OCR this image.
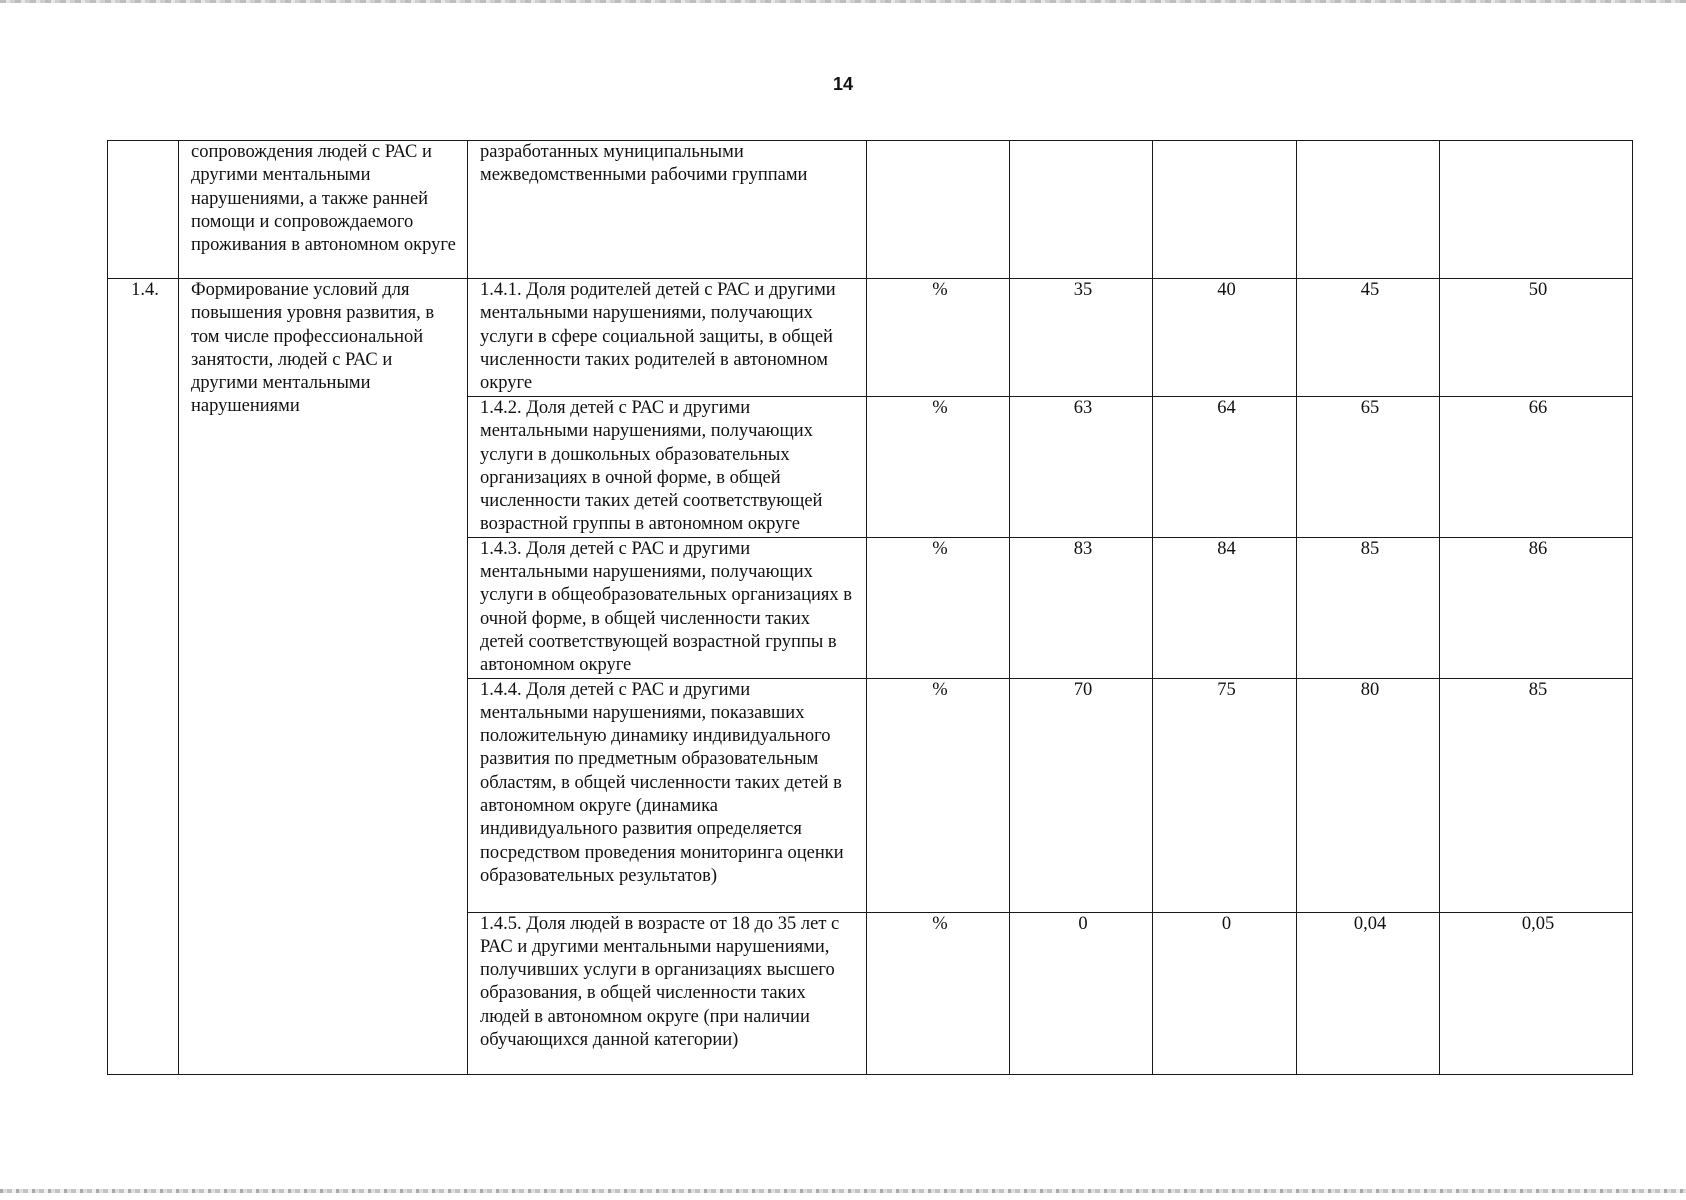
14
	сопровождения людей с РАС и другими ментальными нарушениями, а также ранней помощи и сопровождаемого проживания в автономном округе	разработанных муниципальными межведомственными рабочими группами					
1.4.	Формирование условий для повышения уровня развития, в том числе профессиональной занятости, людей с РАС и другими ментальными нарушениями	1.4.1. Доля родителей детей с РАС и другими ментальными нарушениями, получающих услуги в сфере социальной защиты, в общей численности таких родителей в автономном округе	%	35	40	45	50
		1.4.2. Доля детей с РАС и другими ментальными нарушениями, получающих услуги в дошкольных образовательных организациях в очной форме, в общей численности таких детей соответствующей возрастной группы в автономном округе	%	63	64	65	66
		1.4.3. Доля детей с РАС и другими ментальными нарушениями, получающих услуги в общеобразовательных организациях в очной форме, в общей численности таких детей соответствующей возрастной группы в автономном округе	%	83	84	85	86
		1.4.4. Доля детей с РАС и другими ментальными нарушениями, показавших положительную динамику индивидуального развития по предметным образовательным областям, в общей численности таких детей в автономном округе (динамика индивидуального развития определяется посредством проведения мониторинга оценки образовательных результатов)	%	70	75	80	85
		1.4.5. Доля людей в возрасте от 18 до 35 лет с РАС и другими ментальными нарушениями, получивших услуги в организациях высшего образования, в общей численности таких людей в автономном округе (при наличии обучающихся данной категории)	%	0	0	0,04	0,05
